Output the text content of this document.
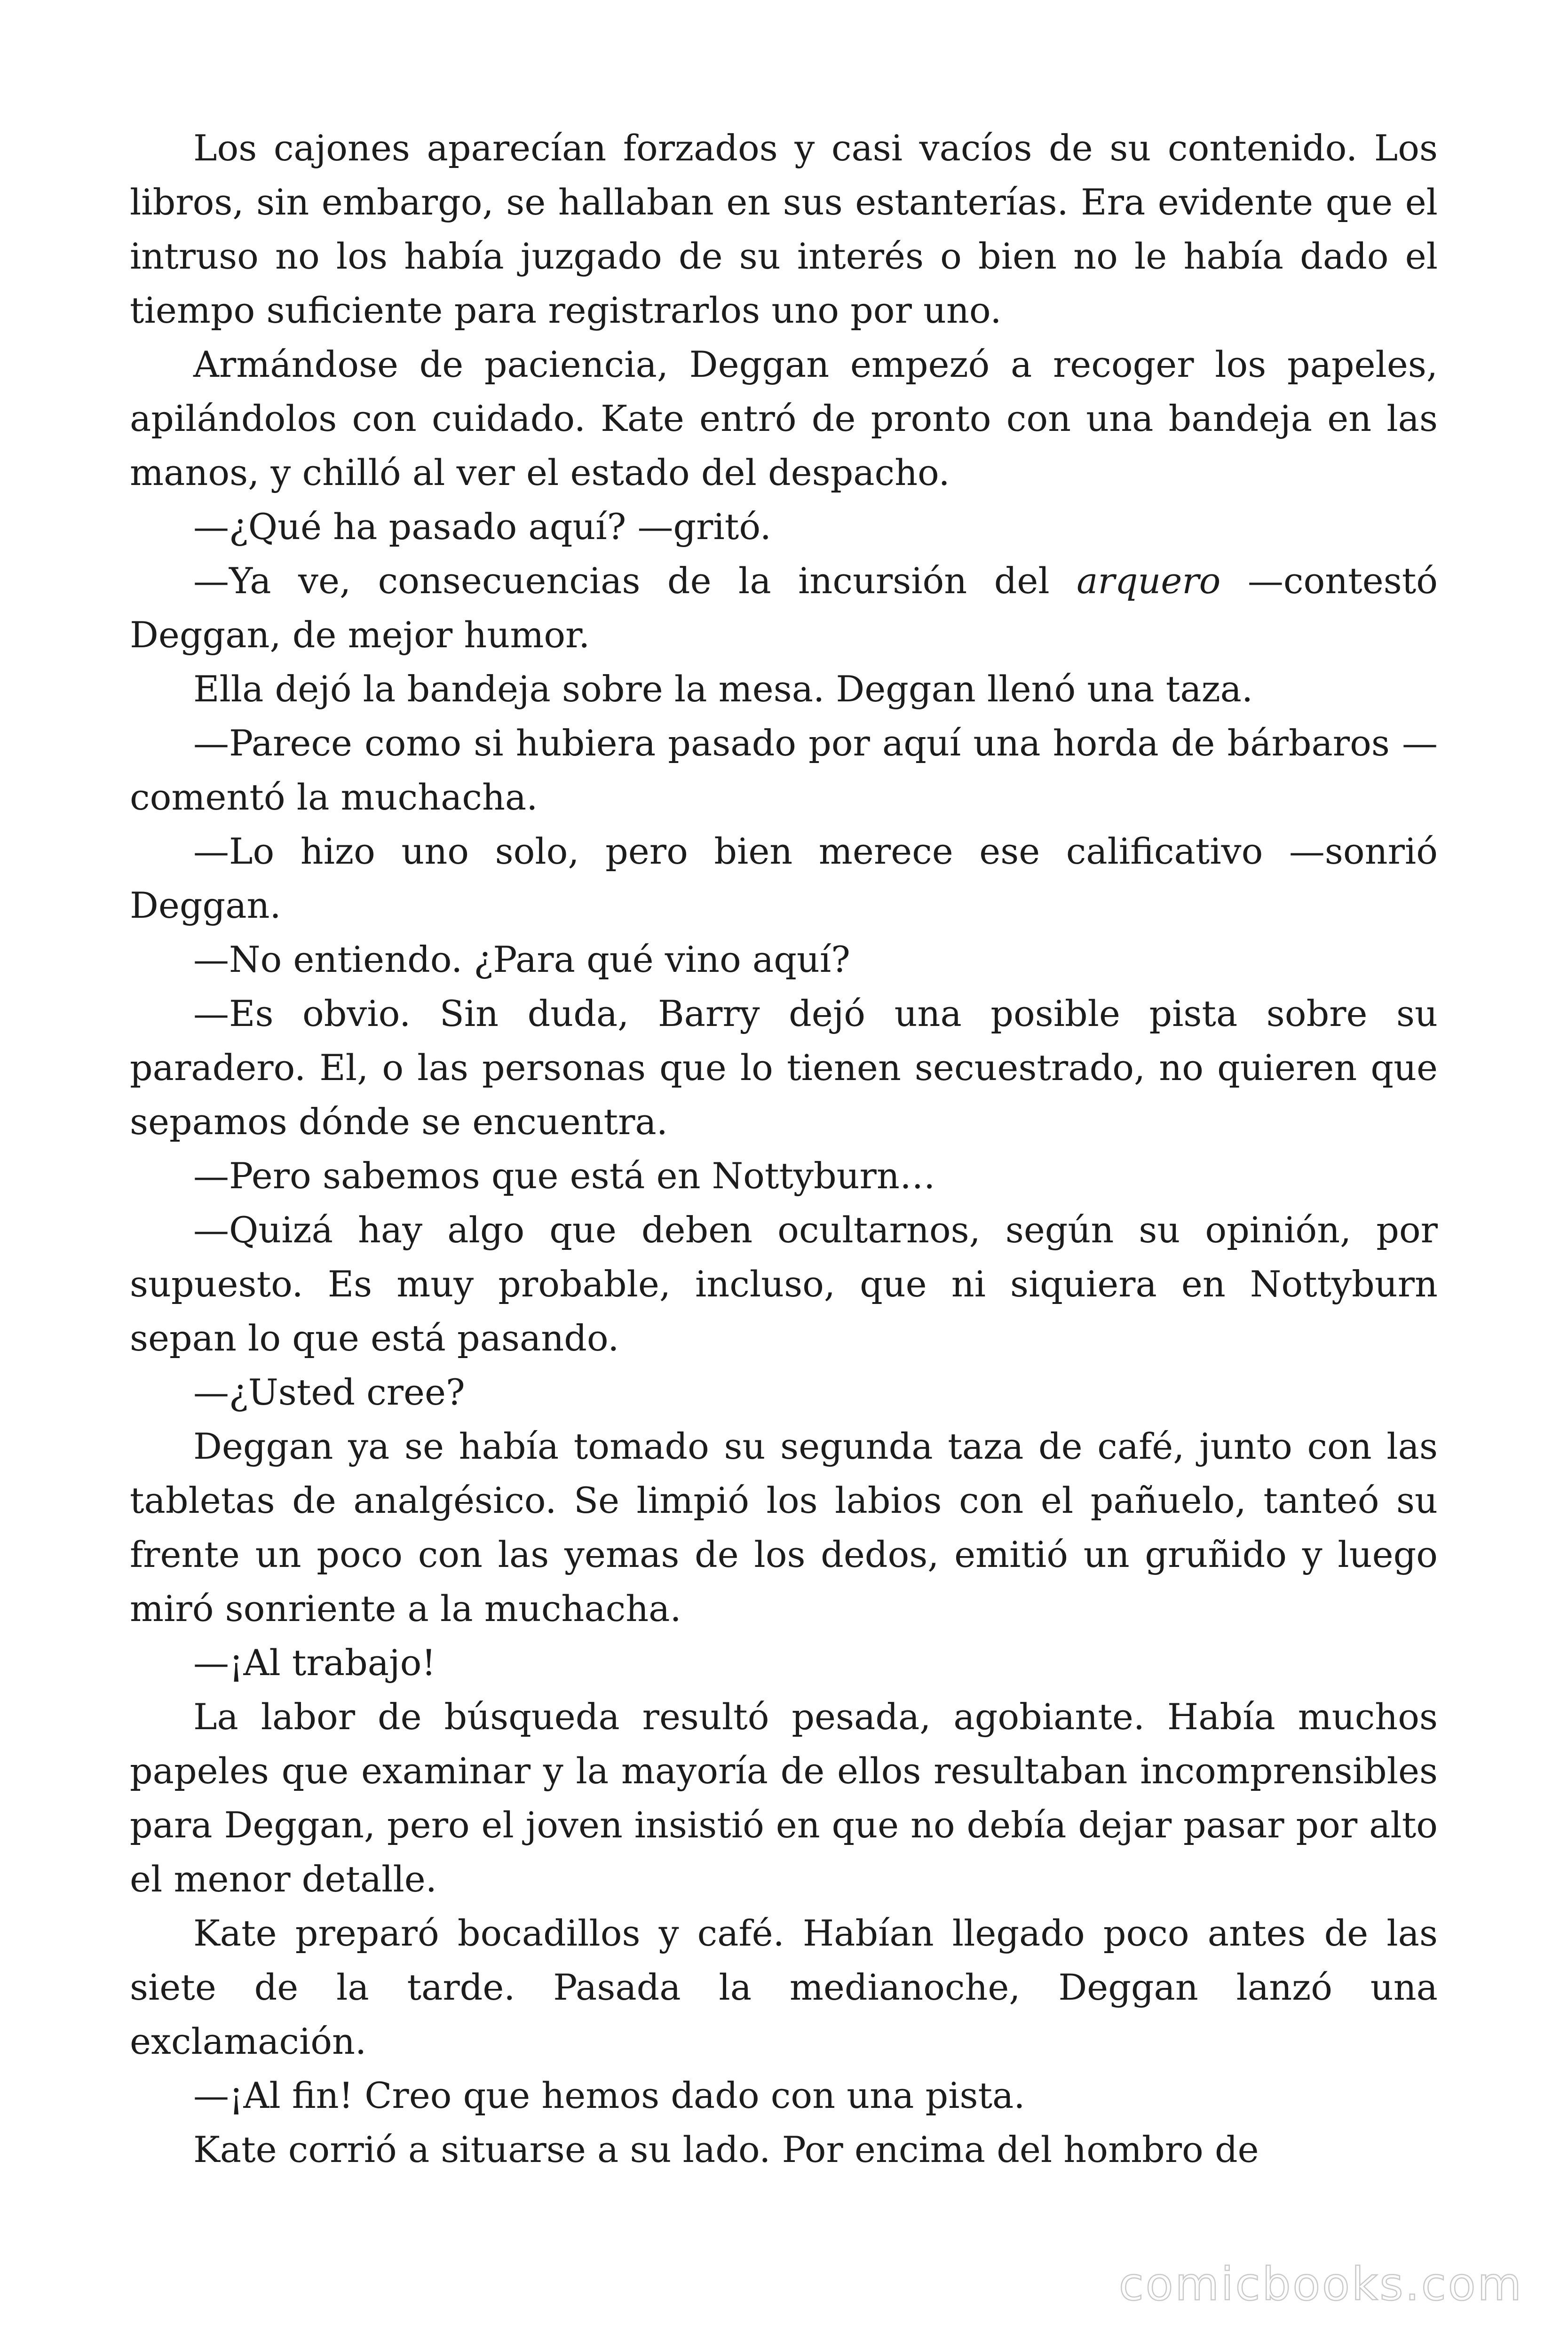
Los cajones aparecían forzados y casi vacíos de su contenido. Los libros, sin embargo, se hallaban en sus estanterías. Era evidente que el intruso no los había juzgado de su interés o bien no le había dado el tiempo suficiente para registrarlos uno por uno.

Armándose de paciencia, Deggan empezó a recoger los papeles, apilándolos con cuidado. Kate entró de pronto con una bandeja en las manos, y chilló al ver el estado del despacho.

—¿Qué ha pasado aquí? —gritó.

—Ya ve, consecuencias de la incursión del arquero —contestó Deggan, de mejor humor.

Ella dejó la bandeja sobre la mesa. Deggan llenó una taza.

—Parece como si hubiera pasado por aquí una horda de bárbaros —comentó la muchacha.

—Lo hizo uno solo, pero bien merece ese calificativo —sonrió Deggan.

—No entiendo. ¿Para qué vino aquí?

—Es obvio. Sin duda, Barry dejó una posible pista sobre su paradero. El, o las personas que lo tienen secuestrado, no quieren que sepamos dónde se encuentra.

—Pero sabemos que está en Nottyburn…

—Quizá hay algo que deben ocultarnos, según su opinión, por supuesto. Es muy probable, incluso, que ni siquiera en Nottyburn sepan lo que está pasando.

—¿Usted cree?

Deggan ya se había tomado su segunda taza de café, junto con las tabletas de analgésico. Se limpió los labios con el pañuelo, tanteó su frente un poco con las yemas de los dedos, emitió un gruñido y luego miró sonriente a la muchacha.

—¡Al trabajo!

La labor de búsqueda resultó pesada, agobiante. Había muchos papeles que examinar y la mayoría de ellos resultaban incomprensibles para Deggan, pero el joven insistió en que no debía dejar pasar por alto el menor detalle.

Kate preparó bocadillos y café. Habían llegado poco antes de las siete de la tarde. Pasada la medianoche, Deggan lanzó una exclamación.

—¡Al fin! Creo que hemos dado con una pista.

Kate corrió a situarse a su lado. Por encima del hombro de

comicbooks.com
